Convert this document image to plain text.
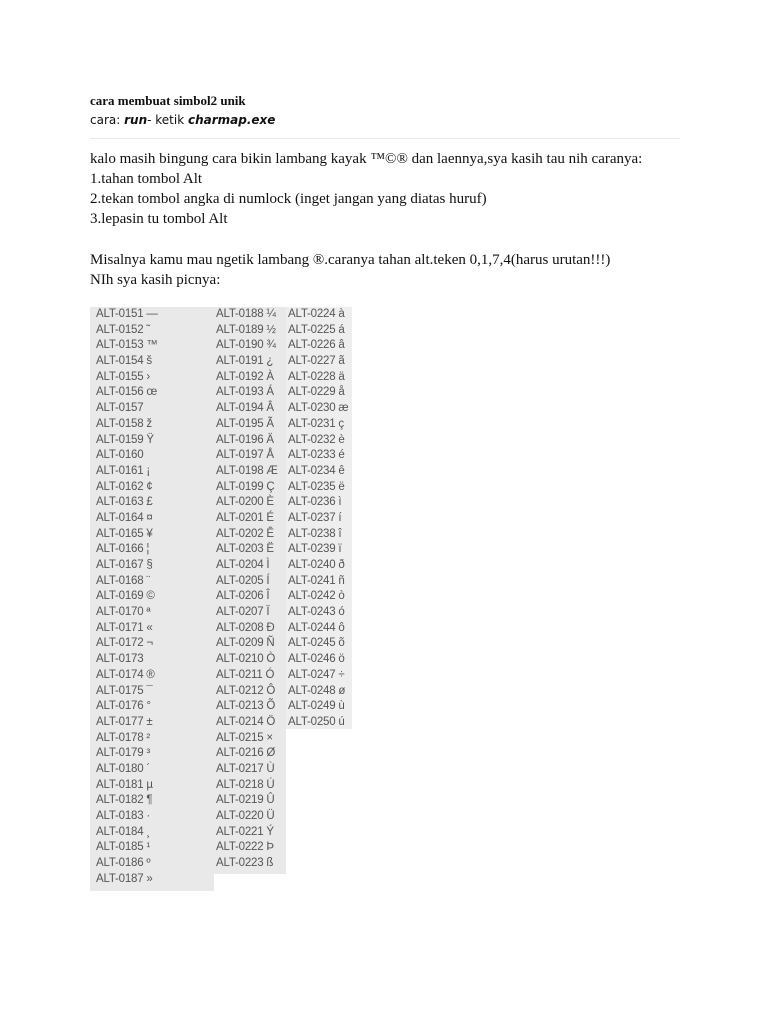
cara membuat simbol2 unik
cara: run- ketik charmap.exe

kalo masih bingung cara bikin lambang kayak ™©® dan laennya,sya kasih tau nih caranya:

1.tahan tombol Alt

2.tekan tombol angka di numlock (inget jangan yang diatas huruf)

3.lepasin tu tombol Alt

Misalnya kamu mau ngetik lambang ®.caranya tahan alt.teken 0,1,7,4(harus urutan!!!)

NIh sya kasih picnya:

ALT-0151 —
ALT-0152 ˜
ALT-0153 ™
ALT-0154 š
ALT-0155 ›
ALT-0156 œ
ALT-0157
ALT-0158 ž
ALT-0159 Ÿ
ALT-0160
ALT-0161 ¡
ALT-0162 ¢
ALT-0163 £
ALT-0164 ¤
ALT-0165 ¥
ALT-0166 ¦
ALT-0167 §
ALT-0168 ¨
ALT-0169 ©
ALT-0170 ª
ALT-0171 «
ALT-0172 ¬
ALT-0173
ALT-0174 ®
ALT-0175 ¯
ALT-0176 °
ALT-0177 ±
ALT-0178 ²
ALT-0179 ³
ALT-0180 ´
ALT-0181 µ
ALT-0182 ¶
ALT-0183 ·
ALT-0184 ¸
ALT-0185 ¹
ALT-0186 º
ALT-0187 »
ALT-0188 ¼
ALT-0189 ½
ALT-0190 ¾
ALT-0191 ¿
ALT-0192 À
ALT-0193 Á
ALT-0194 Â
ALT-0195 Ã
ALT-0196 Ä
ALT-0197 Å
ALT-0198 Æ
ALT-0199 Ç
ALT-0200 È
ALT-0201 É
ALT-0202 Ê
ALT-0203 Ë
ALT-0204 Ì
ALT-0205 Í
ALT-0206 Î
ALT-0207 Ï
ALT-0208 Ð
ALT-0209 Ñ
ALT-0210 Ò
ALT-0211 Ó
ALT-0212 Ô
ALT-0213 Õ
ALT-0214 Ö
ALT-0215 ×
ALT-0216 Ø
ALT-0217 Ù
ALT-0218 Ú
ALT-0219 Û
ALT-0220 Ü
ALT-0221 Ý
ALT-0222 Þ
ALT-0223 ß
ALT-0224 à
ALT-0225 á
ALT-0226 â
ALT-0227 ã
ALT-0228 ä
ALT-0229 å
ALT-0230 æ
ALT-0231 ç
ALT-0232 è
ALT-0233 é
ALT-0234 ê
ALT-0235 ë
ALT-0236 ì
ALT-0237 í
ALT-0238 î
ALT-0239 ï
ALT-0240 ð
ALT-0241 ñ
ALT-0242 ò
ALT-0243 ó
ALT-0244 ô
ALT-0245 õ
ALT-0246 ö
ALT-0247 ÷
ALT-0248 ø
ALT-0249 ù
ALT-0250 ú
